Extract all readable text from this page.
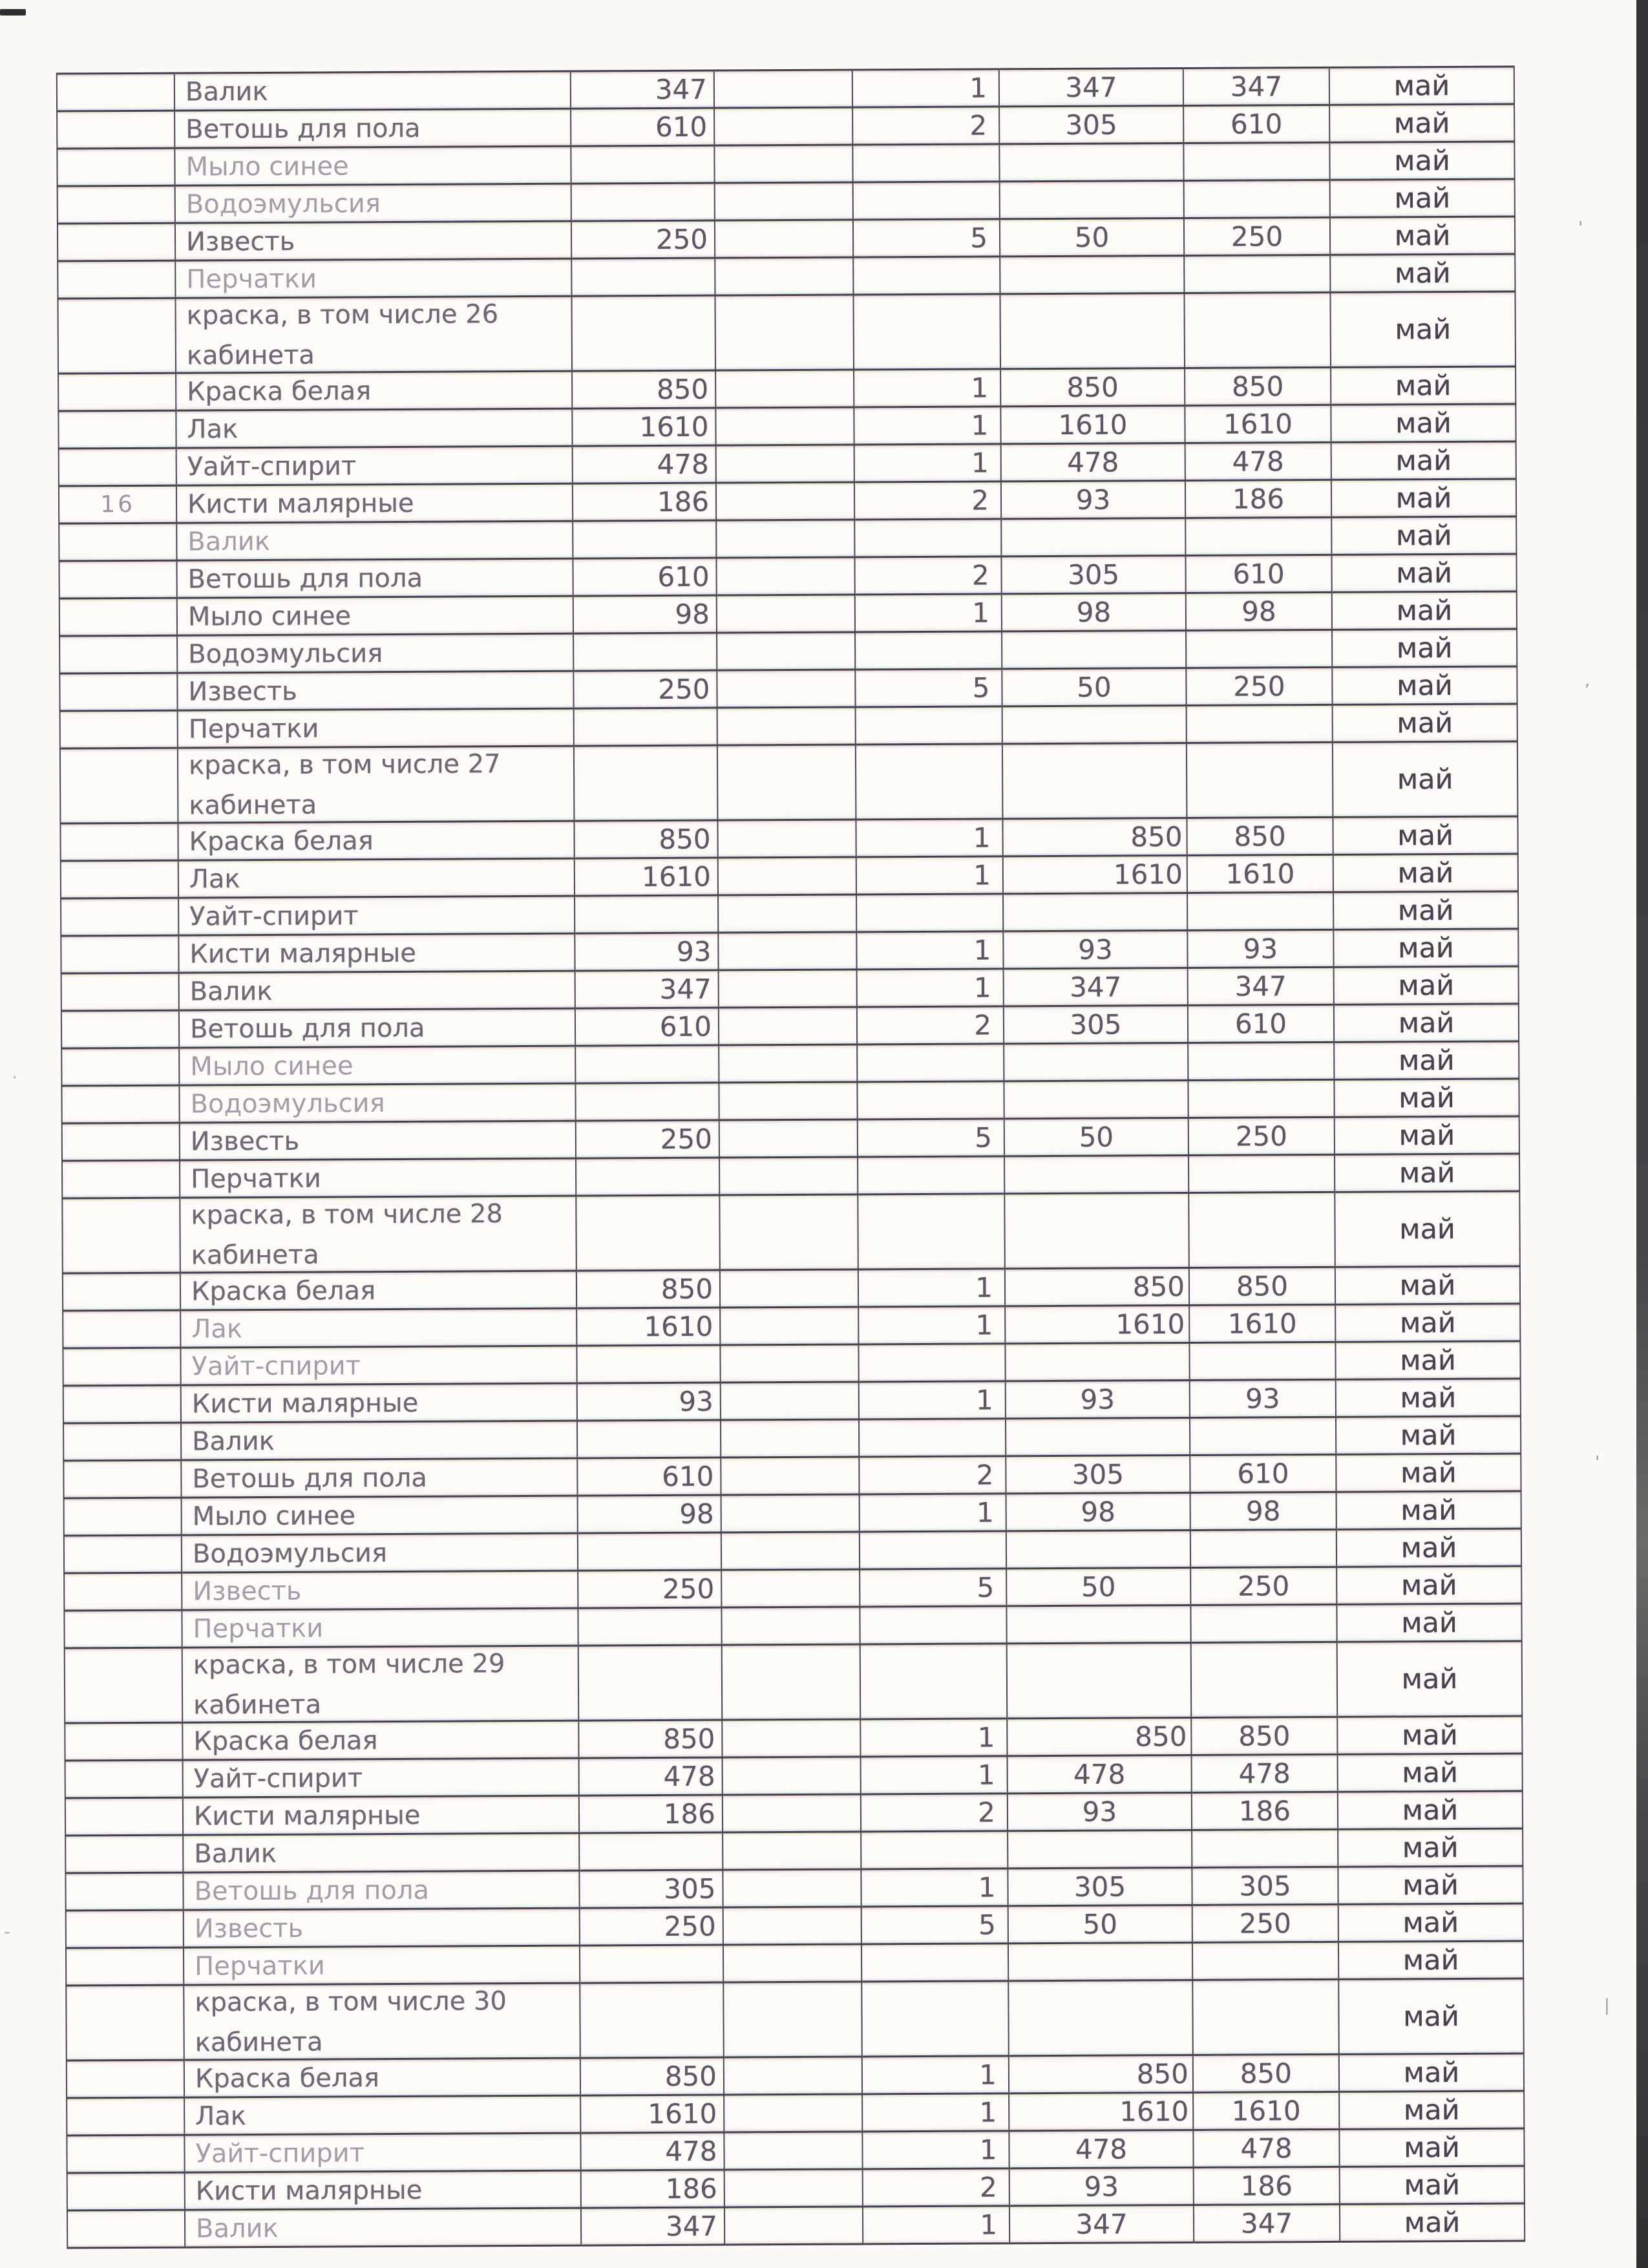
'
,
'
|
·
-
	Валик	347		1	347	347	май
	Ветошь для пола	610		2	305	610	май
	Мыло синее						май
	Водоэмульсия						май
	Известь	250		5	50	250	май
	Перчатки						май
	краска, в том числе 26
кабинета						май
	Краска белая	850		1	850	850	май
	Лак	1610		1	1610	1610	май
	Уайт-спирит	478		1	478	478	май
16	Кисти малярные	186		2	93	186	май
	Валик						май
	Ветошь для пола	610		2	305	610	май
	Мыло синее	98		1	98	98	май
	Водоэмульсия						май
	Известь	250		5	50	250	май
	Перчатки						май
	краска, в том числе 27
кабинета						май
	Краска белая	850		1	850	850	май
	Лак	1610		1	1610	1610	май
	Уайт-спирит						май
	Кисти малярные	93		1	93	93	май
	Валик	347		1	347	347	май
	Ветошь для пола	610		2	305	610	май
	Мыло синее						май
	Водоэмульсия						май
	Известь	250		5	50	250	май
	Перчатки						май
	краска, в том числе 28
кабинета						май
	Краска белая	850		1	850	850	май
	Лак	1610		1	1610	1610	май
	Уайт-спирит						май
	Кисти малярные	93		1	93	93	май
	Валик						май
	Ветошь для пола	610		2	305	610	май
	Мыло синее	98		1	98	98	май
	Водоэмульсия						май
	Известь	250		5	50	250	май
	Перчатки						май
	краска, в том числе 29
кабинета						май
	Краска белая	850		1	850	850	май
	Уайт-спирит	478		1	478	478	май
	Кисти малярные	186		2	93	186	май
	Валик						май
	Ветошь для пола	305		1	305	305	май
	Известь	250		5	50	250	май
	Перчатки						май
	краска, в том числе 30
кабинета						май
	Краска белая	850		1	850	850	май
	Лак	1610		1	1610	1610	май
	Уайт-спирит	478		1	478	478	май
	Кисти малярные	186		2	93	186	май
	Валик	347		1	347	347	май
